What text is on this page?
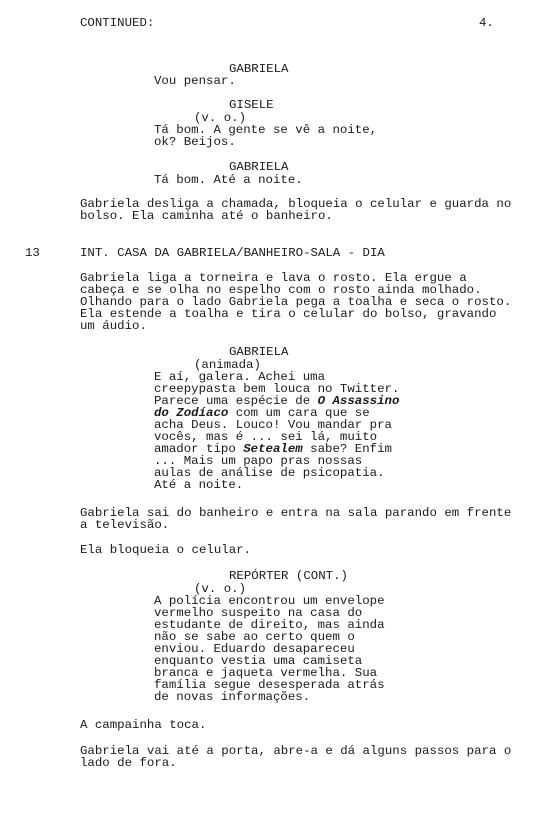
CONTINUED:	4.
GABRIELA
Vou pensar.
GISELE
(v. o.)
Tá bom. A gente se vê a noite,
ok? Beijos.
GABRIELA
Tá bom. Até a noite.
Gabriela desliga a chamada, bloqueia o celular e guarda no
bolso. Ela caminha até o banheiro.
13	INT. CASA DA GABRIELA/BANHEIRO-SALA - DIA
Gabriela liga a torneira e lava o rosto. Ela ergue a
cabeça e se olha no espelho com o rosto ainda molhado.
Olhando para o lado Gabriela pega a toalha e seca o rosto.
Ela estende a toalha e tira o celular do bolso, gravando
um áudio.
GABRIELA
(animada)
E aí, galera. Achei uma
creepypasta bem louca no Twitter.
Parece uma espécie de O Assassino
do Zodíaco com um cara que se
acha Deus. Louco! Vou mandar pra
vocês, mas é ... sei lá, muito
amador tipo Setealem sabe? Enfim
... Mais um papo pras nossas
aulas de análise de psicopatia.
Até a noite.
Gabriela sai do banheiro e entra na sala parando em frente
a televisão.
Ela bloqueia o celular.
REPÓRTER (CONT.)
(v. o.)
A polícia encontrou um envelope
vermelho suspeito na casa do
estudante de direito, mas ainda
não se sabe ao certo quem o
enviou. Eduardo desapareceu
enquanto vestia uma camiseta
branca e jaqueta vermelha. Sua
família segue desesperada atrás
de novas informações.
A campainha toca.
Gabriela vai até a porta, abre-a e dá alguns passos para o
lado de fora.
